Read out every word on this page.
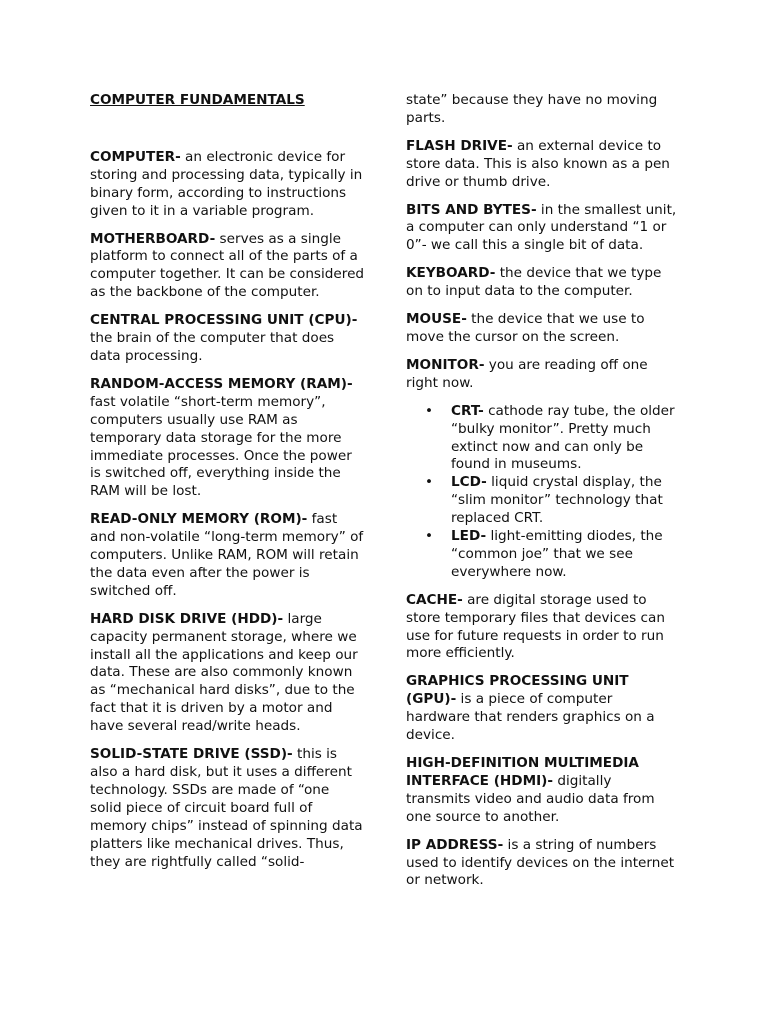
COMPUTER FUNDAMENTALS

COMPUTER- an electronic device for storing and processing data, typically in binary form, according to instructions given to it in a variable program.

MOTHERBOARD- serves as a single platform to connect all of the parts of a computer together. It can be considered as the backbone of the computer.

CENTRAL PROCESSING UNIT (CPU)- the brain of the computer that does data processing.

RANDOM-ACCESS MEMORY (RAM)- fast volatile “short-term memory”, computers usually use RAM as temporary data storage for the more immediate processes. Once the power is switched off, everything inside the RAM will be lost.

READ-ONLY MEMORY (ROM)- fast and non-volatile “long-term memory” of computers. Unlike RAM, ROM will retain the data even after the power is switched off.

HARD DISK DRIVE (HDD)- large capacity permanent storage, where we install all the applications and keep our data. These are also commonly known as “mechanical hard disks”, due to the fact that it is driven by a motor and have several read/write heads.

SOLID-STATE DRIVE (SSD)- this is also a hard disk, but it uses a different technology. SSDs are made of “one solid piece of circuit board full of memory chips” instead of spinning data platters like mechanical drives. Thus, they are rightfully called “solid-

state” because they have no moving parts.

FLASH DRIVE- an external device to store data. This is also known as a pen drive or thumb drive.

BITS AND BYTES- in the smallest unit, a computer can only understand “1 or 0”- we call this a single bit of data.

KEYBOARD- the device that we type on to input data to the computer.

MOUSE- the device that we use to move the cursor on the screen.

MONITOR- you are reading off one right now.

• CRT- cathode ray tube, the older “bulky monitor”. Pretty much extinct now and can only be found in museums.
• LCD- liquid crystal display, the “slim monitor” technology that replaced CRT.
• LED- light-emitting diodes, the “common joe” that we see everywhere now.

CACHE- are digital storage used to store temporary files that devices can use for future requests in order to run more efficiently.

GRAPHICS PROCESSING UNIT (GPU)- is a piece of computer hardware that renders graphics on a device.

HIGH-DEFINITION MULTIMEDIA INTERFACE (HDMI)- digitally transmits video and audio data from one source to another.

IP ADDRESS- is a string of numbers used to identify devices on the internet or network.
